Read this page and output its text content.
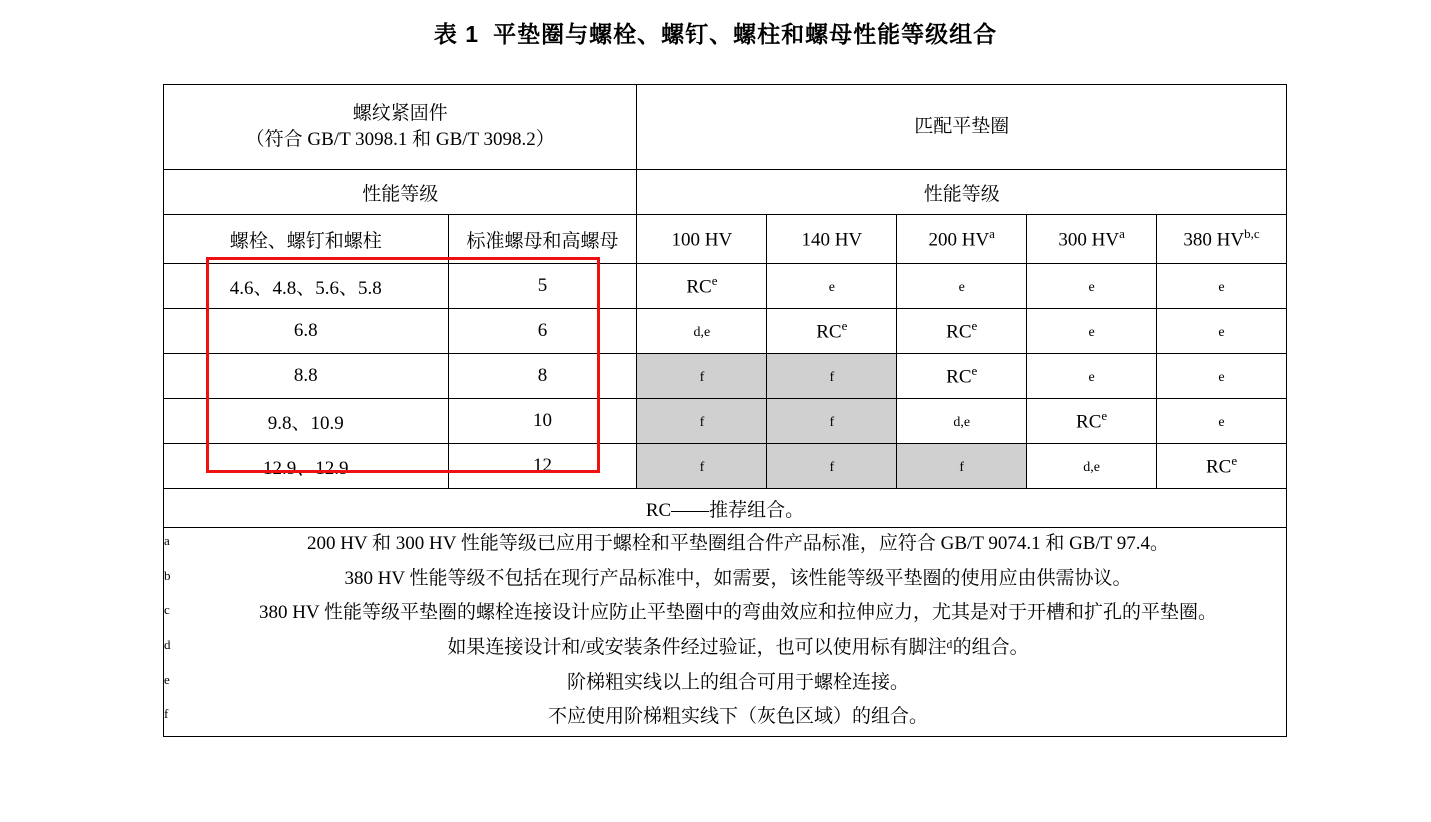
表 1 平垫圈与螺栓、螺钉、螺柱和螺母性能等级组合
螺纹紧固件
（符合 GB/T 3098.1 和 GB/T 3098.2）		匹配平垫圈				
性能等级		性能等级				
螺栓、螺钉和螺柱	标准螺母和高螺母	100 HV	140 HV	200 HV$^a$	300 HV$^a$	380 HV$^{b,c}$
4.6、4.8、5.6、5.8	5	RC$^e$	e	e	e	e
6.8	6	d,e	RC$^e$	RC$^e$	e	e
8.8	8	f	f	RC$^e$	e	e
9.8、10.9	10	f	f	d,e	RC$^e$	e
12.9、12.9	12	f	f	f	d,e	RC$^e$
RC——推荐组合。						

a	200 HV 和 300 HV 性能等级已应用于螺栓和平垫圈组合件产品标准，应符合 GB/T 9074.1 和 GB/T 97.4。
b	380 HV 性能等级不包括在现行产品标准中，如需要，该性能等级平垫圈的使用应由供需协议。
c	380 HV 性能等级平垫圈的螺栓连接设计应防止平垫圈中的弯曲效应和拉伸应力，尤其是对于开槽和扩孔的平垫圈。
d	如果连接设计和/或安装条件经过验证，也可以使用标有脚注ᵈ的组合。
e	阶梯粗实线以上的组合可用于螺栓连接。
f	不应使用阶梯粗实线下（灰色区域）的组合。
